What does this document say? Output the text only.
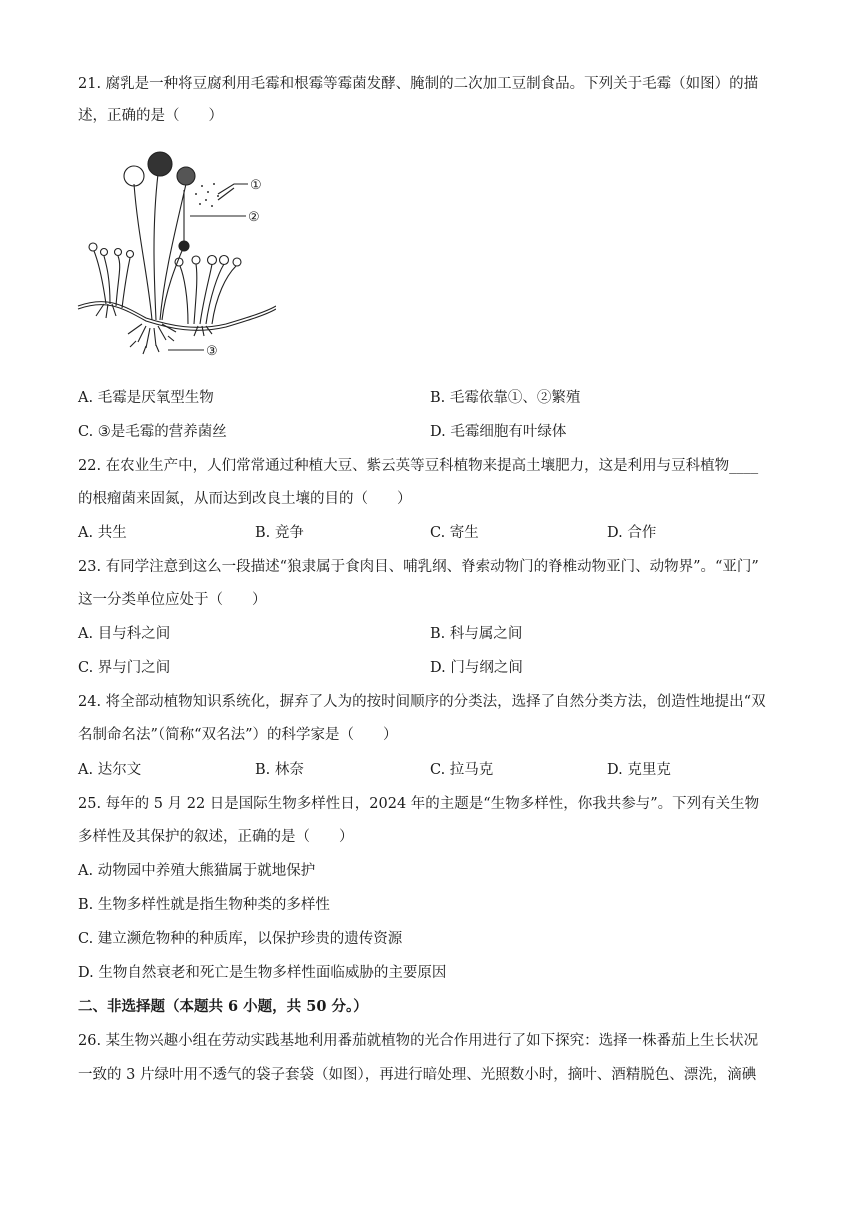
21. 腐乳是一种将豆腐利用毛霉和根霉等霉菌发酵、腌制的二次加工豆制食品。下列关于毛霉（如图）的描
述，正确的是（　　）
①
②
③
A. 毛霉是厌氧型生物	B. 毛霉依靠①、②繁殖
C. ③是毛霉的营养菌丝	D. 毛霉细胞有叶绿体
22. 在农业生产中，人们常常通过种植大豆、紫云英等豆科植物来提高土壤肥力，这是利用与豆科植物____
的根瘤菌来固氮，从而达到改良土壤的目的（　　）
A. 共生	B. 竞争	C. 寄生	D. 合作
23. 有同学注意到这么一段描述“狼隶属于食肉目、哺乳纲、脊索动物门的脊椎动物亚门、动物界”。“亚门”
这一分类单位应处于（　　）
A. 目与科之间	B. 科与属之间
C. 界与门之间	D. 门与纲之间
24. 将全部动植物知识系统化，摒弃了人为的按时间顺序的分类法，选择了自然分类方法，创造性地提出“双
名制命名法”（简称“双名法”）的科学家是（　　）
A. 达尔文	B. 林奈	C. 拉马克	D. 克里克
25. 每年的 5 月 22 日是国际生物多样性日，2024 年的主题是“生物多样性，你我共参与”。下列有关生物
多样性及其保护的叙述，正确的是（　　）
A. 动物园中养殖大熊猫属于就地保护
B. 生物多样性就是指生物种类的多样性
C. 建立濒危物种的种质库，以保护珍贵的遗传资源
D. 生物自然衰老和死亡是生物多样性面临威胁的主要原因
二、非选择题（本题共 6 小题，共 50 分。）
26. 某生物兴趣小组在劳动实践基地利用番茄就植物的光合作用进行了如下探究：选择一株番茄上生长状况
一致的 3 片绿叶用不透气的袋子套袋（如图），再进行暗处理、光照数小时，摘叶、酒精脱色、漂洗，滴碘
